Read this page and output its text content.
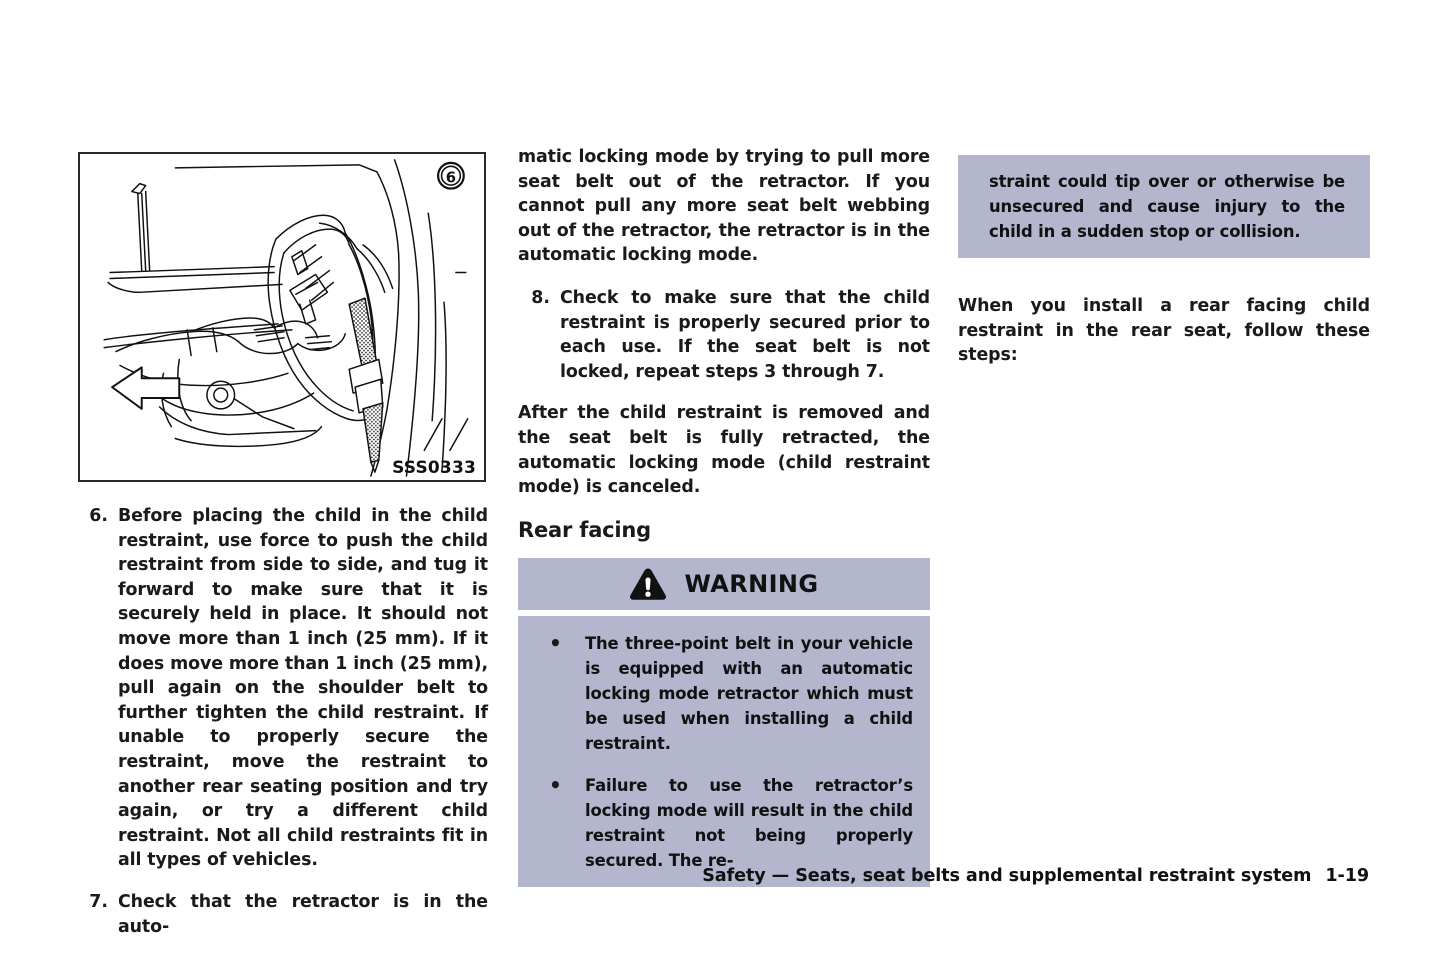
6
SSS0333
6. Before placing the child in the child restraint, use force to push the child restraint from side to side, and tug it forward to make sure that it is securely held in place. It should not move more than 1 inch (25 mm). If it does move more than 1 inch (25 mm), pull again on the shoulder belt to further tighten the child restraint. If unable to properly secure the restraint, move the restraint to another rear seating position and try again, or try a different child restraint. Not all child restraints fit in all types of vehicles.
7. Check that the retractor is in the auto-

matic locking mode by trying to pull more seat belt out of the retractor. If you cannot pull any more seat belt webbing out of the retractor, the retractor is in the automatic locking mode.

8. Check to make sure that the child restraint is properly secured prior to each use. If the seat belt is not locked, repeat steps 3 through 7.

After the child restraint is removed and the seat belt is fully retracted, the automatic locking mode (child restraint mode) is canceled.

Rear facing
WARNING
• The three-point belt in your vehicle is equipped with an automatic locking mode retractor which must be used when installing a child restraint.
• Failure to use the retractor’s locking mode will result in the child restraint not being properly secured. The re-
straint could tip over or otherwise be unsecured and cause injury to the child in a sudden stop or collision.

When you install a rear facing child restraint in the rear seat, follow these steps:

Safety — Seats, seat belts and supplemental restraint system 1-19
